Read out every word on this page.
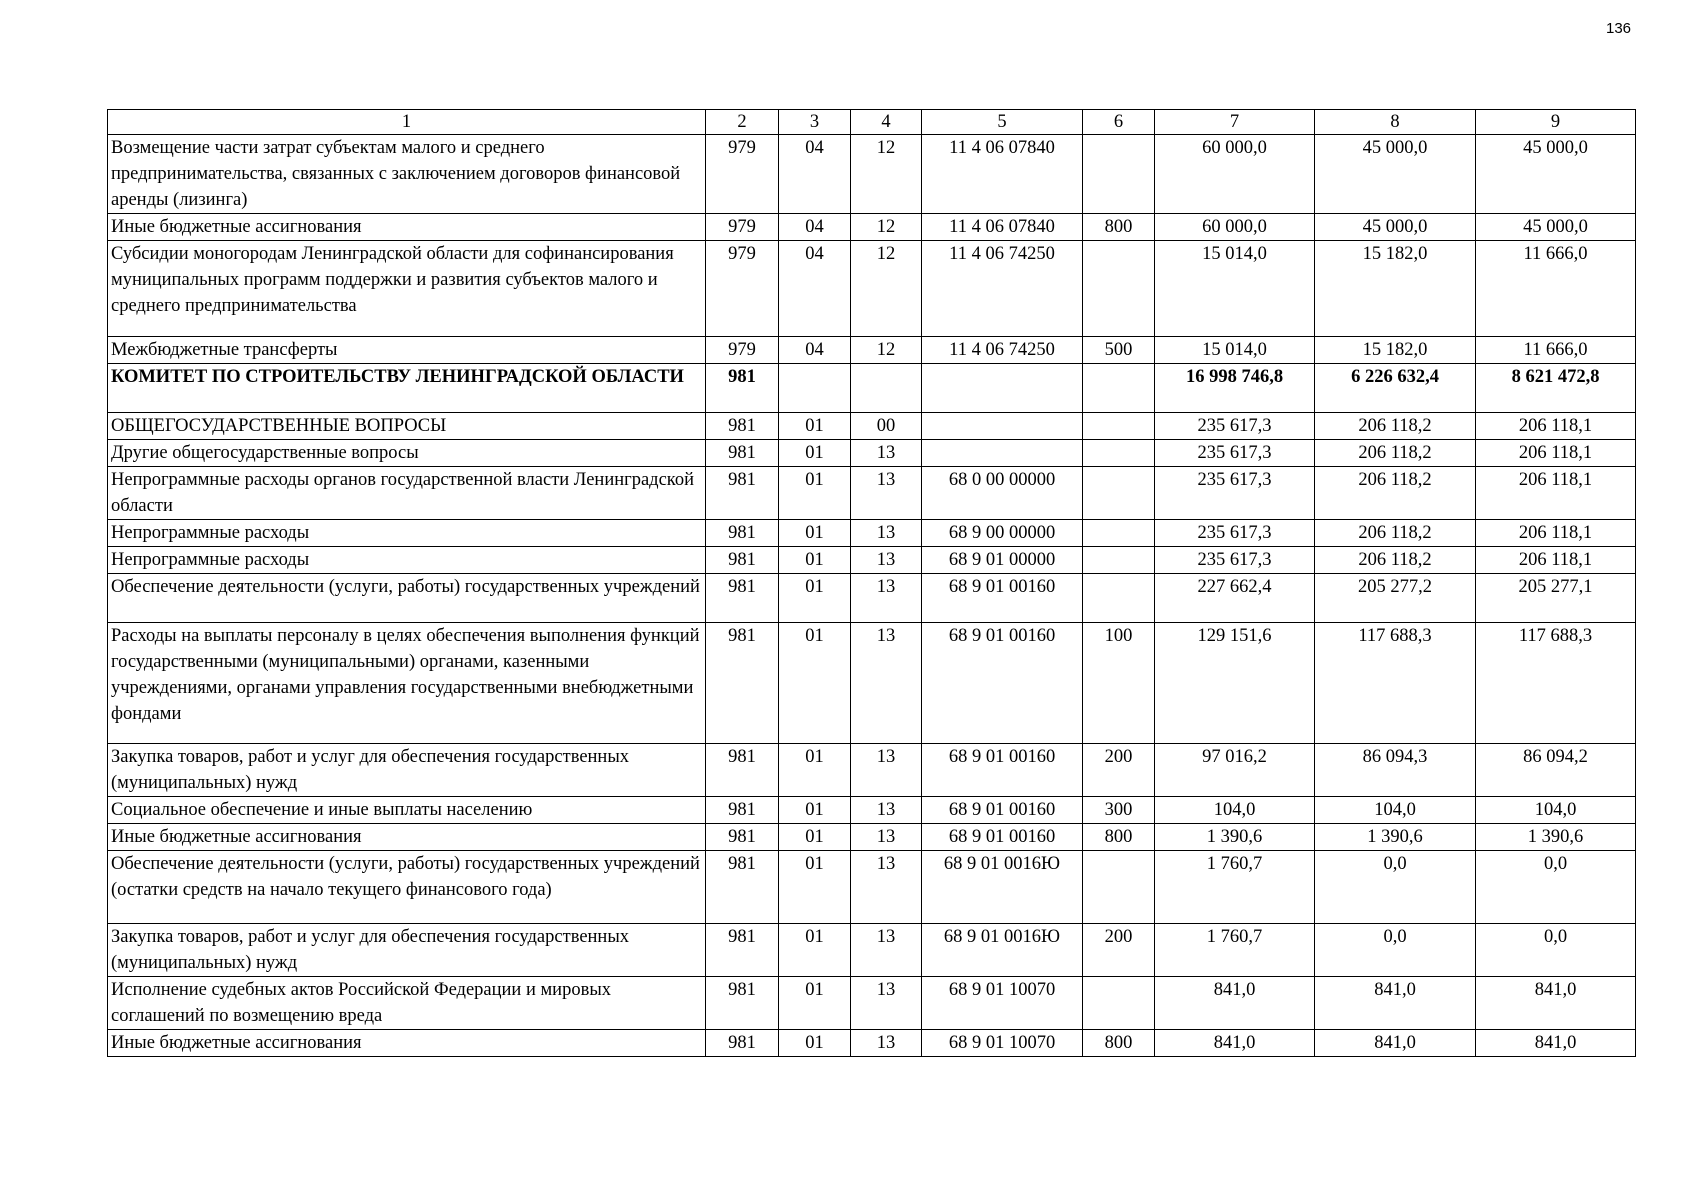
136
1	2	3	4	5	6	7	8	9
Возмещение части затрат субъектам малого и среднего предпринимательства, связанных с заключением договоров финансовой аренды (лизинга)	979	04	12	11 4 06 07840		60 000,0	45 000,0	45 000,0
Иные бюджетные ассигнования	979	04	12	11 4 06 07840	800	60 000,0	45 000,0	45 000,0
Субсидии моногородам Ленинградской области для софинансирования муниципальных программ поддержки и развития субъектов малого и среднего предпринимательства	979	04	12	11 4 06 74250		15 014,0	15 182,0	11 666,0
Межбюджетные трансферты	979	04	12	11 4 06 74250	500	15 014,0	15 182,0	11 666,0
КОМИТЕТ ПО СТРОИТЕЛЬСТВУ ЛЕНИНГРАДСКОЙ ОБЛАСТИ	981					16 998 746,8	6 226 632,4	8 621 472,8
ОБЩЕГОСУДАРСТВЕННЫЕ ВОПРОСЫ	981	01	00			235 617,3	206 118,2	206 118,1
Другие общегосударственные вопросы	981	01	13			235 617,3	206 118,2	206 118,1
Непрограммные расходы органов государственной власти Ленинградской области	981	01	13	68 0 00 00000		235 617,3	206 118,2	206 118,1
Непрограммные расходы	981	01	13	68 9 00 00000		235 617,3	206 118,2	206 118,1
Непрограммные расходы	981	01	13	68 9 01 00000		235 617,3	206 118,2	206 118,1
Обеспечение деятельности (услуги, работы) государственных учреждений	981	01	13	68 9 01 00160		227 662,4	205 277,2	205 277,1
Расходы на выплаты персоналу в целях обеспечения выполнения функций государственными (муниципальными) органами, казенными учреждениями, органами управления государственными внебюджетными фондами	981	01	13	68 9 01 00160	100	129 151,6	117 688,3	117 688,3
Закупка товаров, работ и услуг для обеспечения государственных (муниципальных) нужд	981	01	13	68 9 01 00160	200	97 016,2	86 094,3	86 094,2
Социальное обеспечение и иные выплаты населению	981	01	13	68 9 01 00160	300	104,0	104,0	104,0
Иные бюджетные ассигнования	981	01	13	68 9 01 00160	800	1 390,6	1 390,6	1 390,6
Обеспечение деятельности (услуги, работы) государственных учреждений (остатки средств на начало текущего финансового года)	981	01	13	68 9 01 0016Ю		1 760,7	0,0	0,0
Закупка товаров, работ и услуг для обеспечения государственных (муниципальных) нужд	981	01	13	68 9 01 0016Ю	200	1 760,7	0,0	0,0
Исполнение судебных актов Российской Федерации и мировых соглашений по возмещению вреда	981	01	13	68 9 01 10070		841,0	841,0	841,0
Иные бюджетные ассигнования	981	01	13	68 9 01 10070	800	841,0	841,0	841,0
